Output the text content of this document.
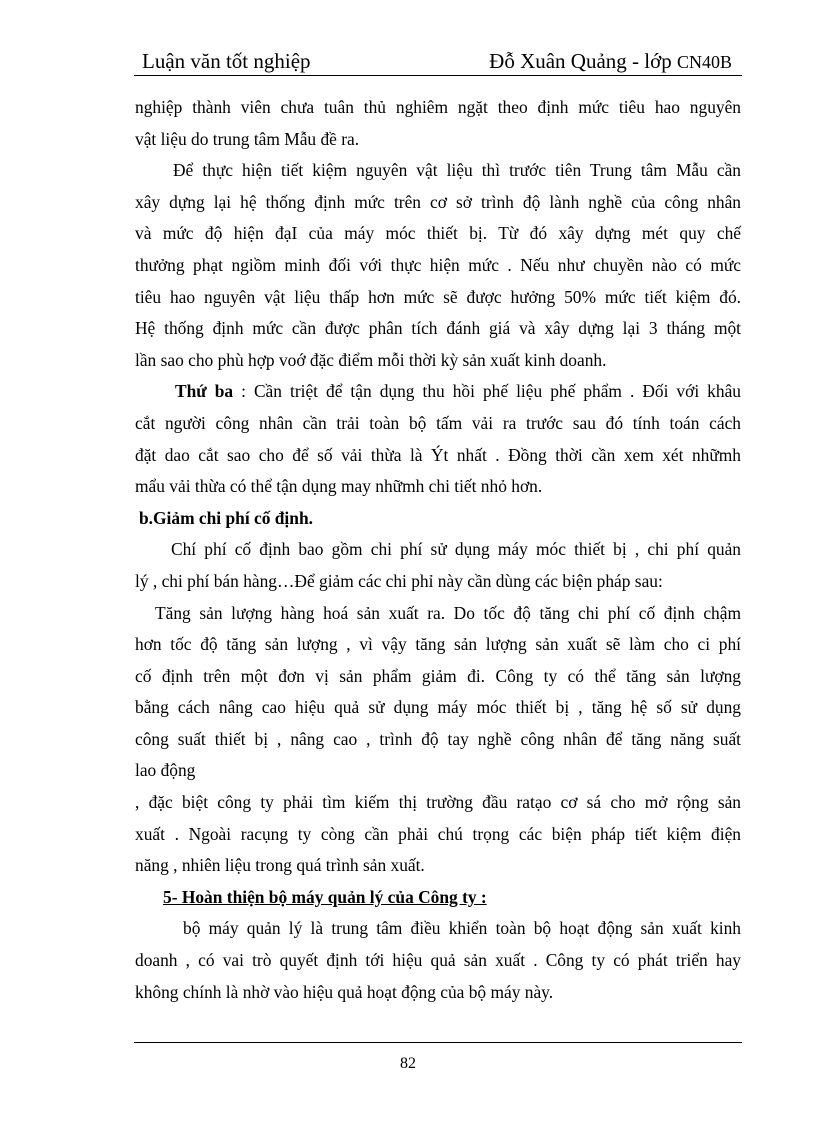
Luận văn tốt nghiệp	Đỗ Xuân Quảng - lớp CN40B
nghiệp thành viên chưa tuân thủ nghiêm ngặt theo định mức tiêu hao nguyên
vật liệu do trung tâm Mẫu đề ra.
Để thực hiện tiết kiệm nguyên vật liệu thì trước tiên Trung tâm Mẫu cần
xây dựng lại hệ thống định mức trên cơ sở trình độ lành nghề của công nhân
và mức độ hiện đạI của máy móc thiết bị. Từ đó xây dựng mét quy chế
thưởng phạt ngiồm minh đối với thực hiện mức . Nếu như chuyền nào có mức
tiêu hao nguyên vật liệu thấp hơn mức sẽ được hưởng 50% mức tiết kiệm đó.
Hệ thống định mức cần được phân tích đánh giá và xây dựng lại 3 tháng một
lần sao cho phù hợp voớ đặc điểm mỗi thời kỳ sản xuất kinh doanh.
Thứ ba : Cần triệt để tận dụng thu hồi phế liệu phế phẩm . Đối với khâu
cắt người công nhân cần trải toàn bộ tấm vải ra trước sau đó tính toán cách
đặt dao cắt sao cho để số vải thừa là Ýt nhất . Đồng thời cần xem xét nhữmh
mẩu vải thừa có thể tận dụng may nhữmh chi tiết nhỏ hơn.
b.Giảm chi phí cố định.
Chí phí cố định bao gồm chi phí sử dụng máy móc thiết bị , chi phí quản
lý , chi phí bán hàng…Để giảm các chi phỉ này cần dùng các biện pháp sau:
Tăng sản lượng hàng hoá sản xuất ra. Do tốc độ tăng chi phí cố định chậm
hơn tốc độ tăng sản lượng , vì vậy tăng sản lượng sản xuất sẽ làm cho ci phí
cố định trên một đơn vị sản phẩm giảm đi. Công ty có thể tăng sản lượng
bằng cách nâng cao hiệu quả sử dụng máy móc thiết bị , tăng hệ số sử dụng
công suất thiết bị , nâng cao , trình độ tay nghề công nhân để tăng năng suất
lao động
, đặc biệt công ty phải tìm kiếm thị trường đầu ratạo cơ sá cho mở rộng sản
xuất . Ngoài racụng ty còng cần phải chú trọng các biện pháp tiết kiệm điện
năng , nhiên liệu trong quá trình sản xuất.
5- Hoàn thiện bộ máy quản lý của Công ty :
bộ máy quản lý là trung tâm điều khiển toàn bộ hoạt động sản xuất kinh
doanh , có vai trò quyết định tới hiệu quả sản xuất . Công ty có phát triển hay
không chính là nhờ vào hiệu quả hoạt động của bộ máy này.
82
